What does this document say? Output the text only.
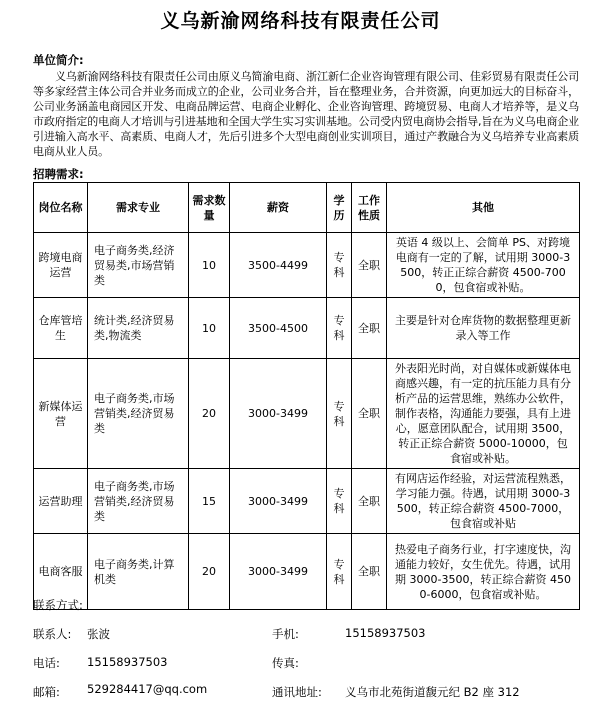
义乌新渝网络科技有限责任公司
单位简介:
义乌新渝网络科技有限责任公司由原义乌简渝电商、浙江新仁企业咨询管理有限公司、佳彩贸易有限责任公司等多家经营主体公司合并业务而成立的企业，公司业务合并，旨在整理业务，合并资源，向更加远大的目标奋斗，公司业务涵盖电商园区开发、电商品牌运营、电商企业孵化、企业咨询管理、跨境贸易、电商人才培养等，是义乌市政府指定的电商人才培训与引进基地和全国大学生实习实训基地。公司受内贸电商协会指导,旨在为义乌电商企业引进输入高水平、高素质、电商人才，先后引进多个大型电商创业实训项目，通过产教融合为义乌培养专业高素质电商从业人员。
招聘需求:
岗位名称	需求专业	需求数量	薪资	学历	工作性质	其他
跨境电商运营	电子商务类,经济贸易类,市场营销类	10	3500-4499	专科	全职	英语 4 级以上、会简单 PS、对跨境电商有一定的了解，试用期 3000-3500，转正正综合薪资 4500-7000，包食宿或补贴。
仓库管培生	统计类,经济贸易类,物流类	10	3500-4500	专科	全职	主要是针对仓库货物的数据整理更新录入等工作
新媒体运营	电子商务类,市场营销类,经济贸易类	20	3000-3499	专科	全职	外表阳光时尚，对自媒体或新媒体电商感兴趣，有一定的抗压能力具有分析产品的运营思维，熟练办公软件，制作表格，沟通能力要强，具有上进心，愿意团队配合，试用期 3500，转正正综合薪资 5000-10000，包食宿或补贴。
运营助理	电子商务类,市场营销类,经济贸易类	15	3000-3499	专科	全职	有网店运作经验，对运营流程熟悉，学习能力强。待遇，试用期 3000-3500，转正综合薪资 4500-7000，包食宿或补贴
电商客服	电子商务类,计算机类	20	3000-3499	专科	全职	热爱电子商务行业，打字速度快，沟通能力较好，女生优先。待遇，试用期 3000-3500，转正综合薪资 4500-6000，包食宿或补贴。
联系方式:
联系人: 张波	手机:	15158937503
电话: 15158937503	传真:
邮箱: 529284417@qq.com	通讯地址: 义乌市北苑街道馥元纪 B2 座 312
